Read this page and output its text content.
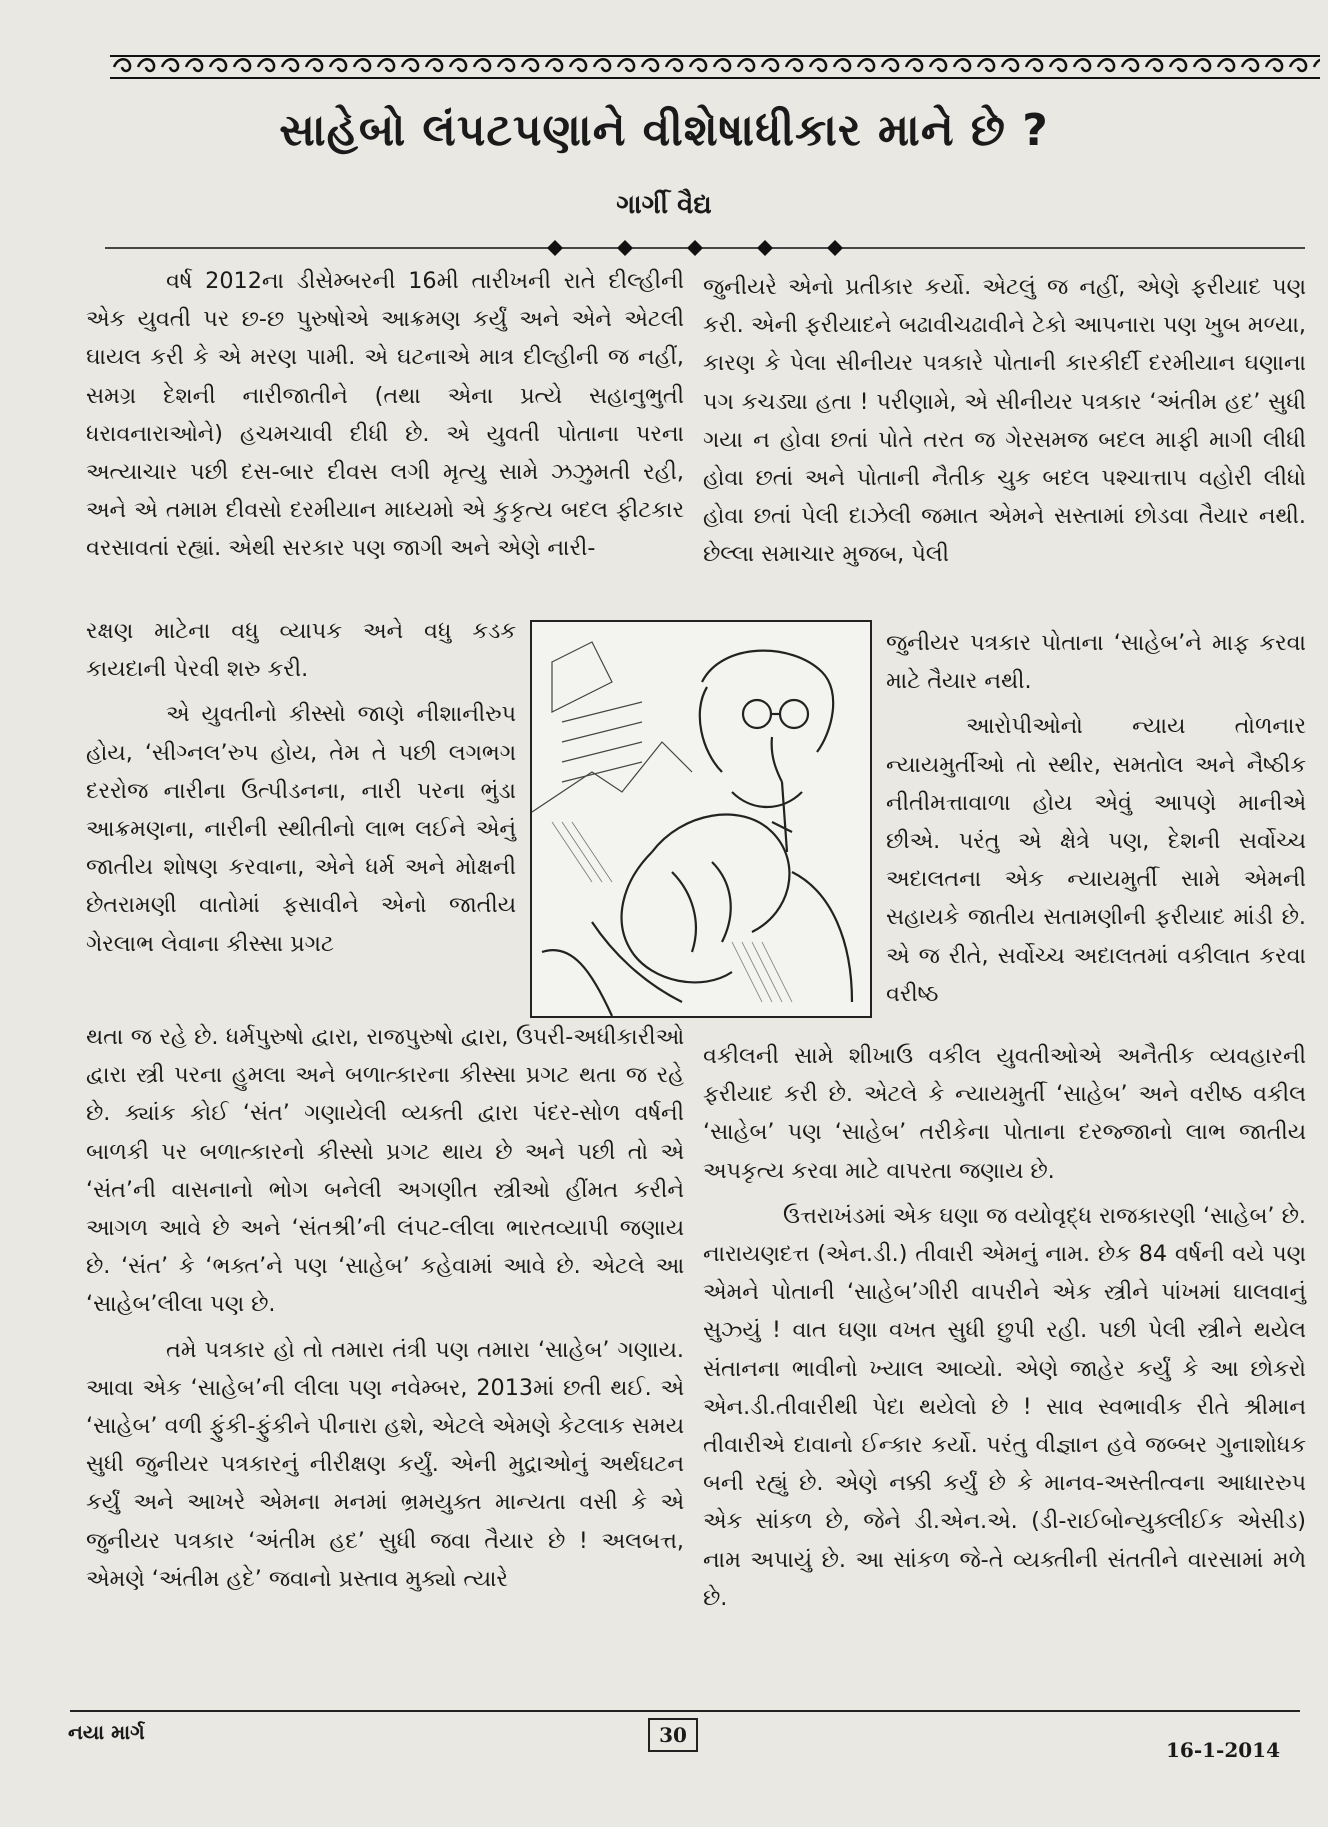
સાહેબો લંપટપણાને વીશેષાધીકાર માને છે ?
ગાર્ગી વૈદ્ય

વર્ષ 2012ના ડીસેમ્બરની 16મી તારીખની રાતે દીલ્હીની એક યુવતી પર છ-છ પુરુષોએ આક્રમણ કર્યું અને એને એટલી ઘાયલ કરી કે એ મરણ પામી. એ ઘટનાએ માત્ર દીલ્હીની જ નહીં, સમગ્ર દેશની નારીજાતીને (તથા એના પ્રત્યે સહાનુભુતી ધરાવનારાઓને) હચમચાવી દીધી છે. એ યુવતી પોતાના પરના અત્યાચાર પછી દસ-બાર દીવસ લગી મૃત્યુ સામે ઝઝુમતી રહી, અને એ તમામ દીવસો દરમીયાન માધ્યમો એ કુકૃત્ય બદલ ફીટકાર વરસાવતાં રહ્યાં. એથી સરકાર પણ જાગી અને એણે નારી-

રક્ષણ માટેના વધુ વ્યાપક અને વધુ કડક કાયદાની પેરવી શરુ કરી.

એ યુવતીનો કીસ્સો જાણે નીશાનીરુપ હોય, ‘સીગ્નલ’રુપ હોય, તેમ તે પછી લગભગ દરરોજ નારીના ઉત્પીડનના, નારી પરના ભુંડા આક્રમણના, નારીની સ્થીતીનો લાભ લઈને એનું જાતીય શોષણ કરવાના, એને ધર્મ અને મોક્ષની છેતરામણી વાતોમાં ફસાવીને એનો જાતીય ગેરલાભ લેવાના કીસ્સા પ્રગટ

થતા જ રહે છે. ધર્મપુરુષો દ્વારા, રાજપુરુષો દ્વારા, ઉપરી-અધીકારીઓ દ્વારા સ્ત્રી પરના હુમલા અને બળાત્કારના કીસ્સા પ્રગટ થતા જ રહે છે. ક્યાંક કોઈ ‘સંત’ ગણાયેલી વ્યક્તી દ્વારા પંદર-સોળ વર્ષની બાળકી પર બળાત્કારનો કીસ્સો પ્રગટ થાય છે અને પછી તો એ ‘સંત’ની વાસનાનો ભોગ બનેલી અગણીત સ્ત્રીઓ હીંમત કરીને આગળ આવે છે અને ‘સંતશ્રી’ની લંપટ-લીલા ભારતવ્યાપી જણાય છે. ‘સંત’ કે ‘ભક્ત’ને પણ ‘સાહેબ’ કહેવામાં આવે છે. એટલે આ ‘સાહેબ’લીલા પણ છે.

તમે પત્રકાર હો તો તમારા તંત્રી પણ તમારા ‘સાહેબ’ ગણાય. આવા એક ‘સાહેબ’ની લીલા પણ નવેમ્બર, 2013માં છતી થઈ. એ ‘સાહેબ’ વળી ફુંકી-ફુંકીને પીનારા હશે, એટલે એમણે કેટલાક સમય સુધી જુનીયર પત્રકારનું નીરીક્ષણ કર્યું. એની મુદ્રાઓનું અર્થઘટન કર્યું અને આખરે એમના મનમાં ભ્રમયુક્ત માન્યતા વસી કે એ જુનીયર પત્રકાર ‘અંતીમ હદ’ સુધી જવા તૈયાર છે ! અલબત્ત, એમણે ‘અંતીમ હદે’ જવાનો પ્રસ્તાવ મુક્યો ત્યારે

જુનીયરે એનો પ્રતીકાર કર્યો. એટલું જ નહીં, એણે ફરીયાદ પણ કરી. એની ફરીયાદને બઢાવીચઢાવીને ટેકો આપનારા પણ ખુબ મળ્યા, કારણ કે પેલા સીનીયર પત્રકારે પોતાની કારકીર્દી દરમીયાન ઘણાના પગ કચડ્યા હતા ! પરીણામે, એ સીનીયર પત્રકાર ‘અંતીમ હદ’ સુધી ગયા ન હોવા છતાં પોતે તરત જ ગેરસમજ બદલ માફી માગી લીધી હોવા છતાં અને પોતાની નૈતીક ચુક બદલ પશ્ચાત્તાપ વહોરી લીધો હોવા છતાં પેલી દાઝેલી જમાત એમને સસ્તામાં છોડવા તૈયાર નથી. છેલ્લા સમાચાર મુજબ, પેલી

જુનીયર પત્રકાર પોતાના ‘સાહેબ’ને માફ કરવા માટે તૈયાર નથી.

આરોપીઓનો ન્યાય તોળનાર ન્યાયમુર્તીઓ તો સ્થીર, સમતોલ અને નૈષ્ઠીક નીતીમત્તાવાળા હોય એવું આપણે માનીએ છીએ. પરંતુ એ ક્ષેત્રે પણ, દેશની સર્વોચ્ચ અદાલતના એક ન્યાયમુર્તી સામે એમની સહાયકે જાતીય સતામણીની ફરીયાદ માંડી છે. એ જ રીતે, સર્વોચ્ચ અદાલતમાં વકીલાત કરવા વરીષ્ઠ

વકીલની સામે શીખાઉ વકીલ યુવતીઓએ અનૈતીક વ્યવહારની ફરીયાદ કરી છે. એટલે કે ન્યાયમુર્તી ‘સાહેબ’ અને વરીષ્ઠ વકીલ ‘સાહેબ’ પણ ‘સાહેબ’ તરીકેના પોતાના દરજ્જાનો લાભ જાતીય અપકૃત્ય કરવા માટે વાપરતા જણાય છે.

ઉત્તરાખંડમાં એક ઘણા જ વયોવૃદ્ધ રાજકારણી ‘સાહેબ’ છે. નારાયણદત્ત (એન.ડી.) તીવારી એમનું નામ. છેક 84 વર્ષની વયે પણ એમને પોતાની ‘સાહેબ’ગીરી વાપરીને એક સ્ત્રીને પાંખમાં ઘાલવાનું સુઝ્યું ! વાત ઘણા વખત સુધી છુપી રહી. પછી પેલી સ્ત્રીને થયેલ સંતાનના ભાવીનો ખ્યાલ આવ્યો. એણે જાહેર કર્યું કે આ છોકરો એન.ડી.તીવારીથી પેદા થયેલો છે ! સાવ સ્વભાવીક રીતે શ્રીમાન તીવારીએ દાવાનો ઈન્કાર કર્યો. પરંતુ વીજ્ઞાન હવે જબ્બર ગુનાશોધક બની રહ્યું છે. એણે નક્કી કર્યું છે કે માનવ-અસ્તીત્વના આધારરુપ એક સાંકળ છે, જેને ડી.એન.એ. (ડી-રાઈબોન્યુક્લીઈક એસીડ) નામ અપાયું છે. આ સાંકળ જે-તે વ્યક્તીની સંતતીને વારસામાં મળે છે.

નયા માર્ગ	30
16-1-2014
